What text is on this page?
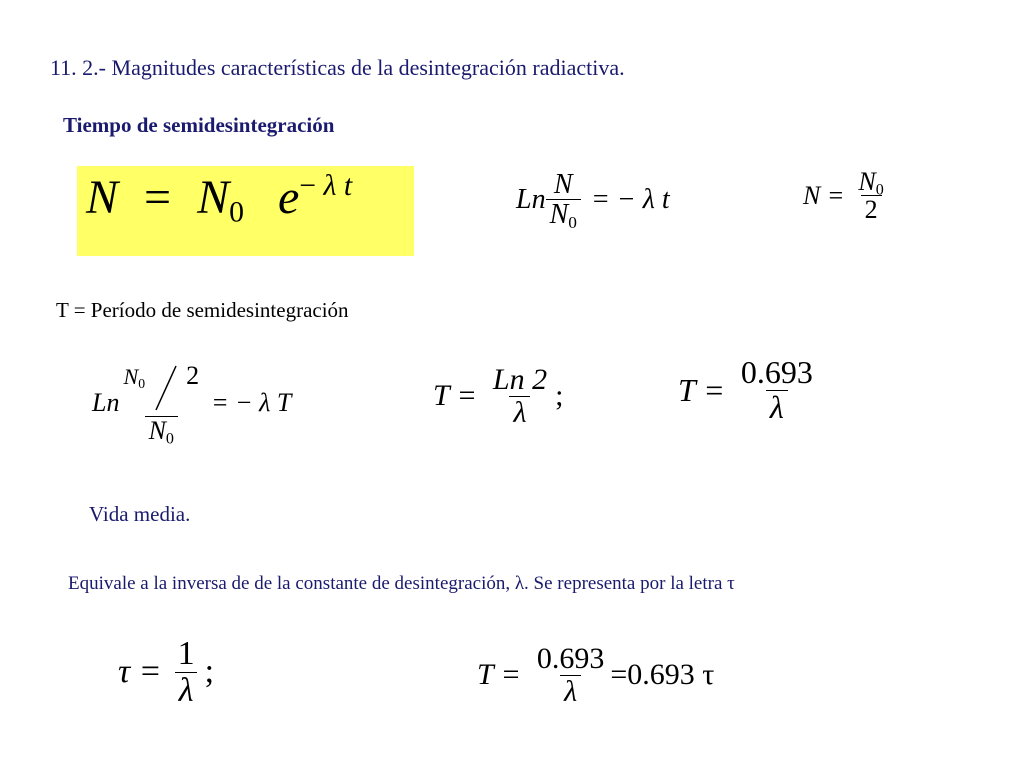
11. 2.- Magnitudes características de la desintegración radiactiva.
Tiempo de semidesintegración
$N = N_0$ $e^{- \lambda t}$	Ln $\frac{N}{N_0}$ = − λ t	$N = \frac{N_0}{2}$
T = Período de semidesintegración
Ln $\frac{N_0 2}{N_0}$ = − λ T	$T = \frac{Ln 2}{\lambda}$ ;	$T = \frac{0.693}{\lambda}$
Vida media.
Equivale a la inversa de de la constante de desintegración, λ. Se representa por la letra τ
$\tau = \frac{1}{\lambda}$ ;	$T = \frac{0.693}{\lambda} =0.693$ τ
